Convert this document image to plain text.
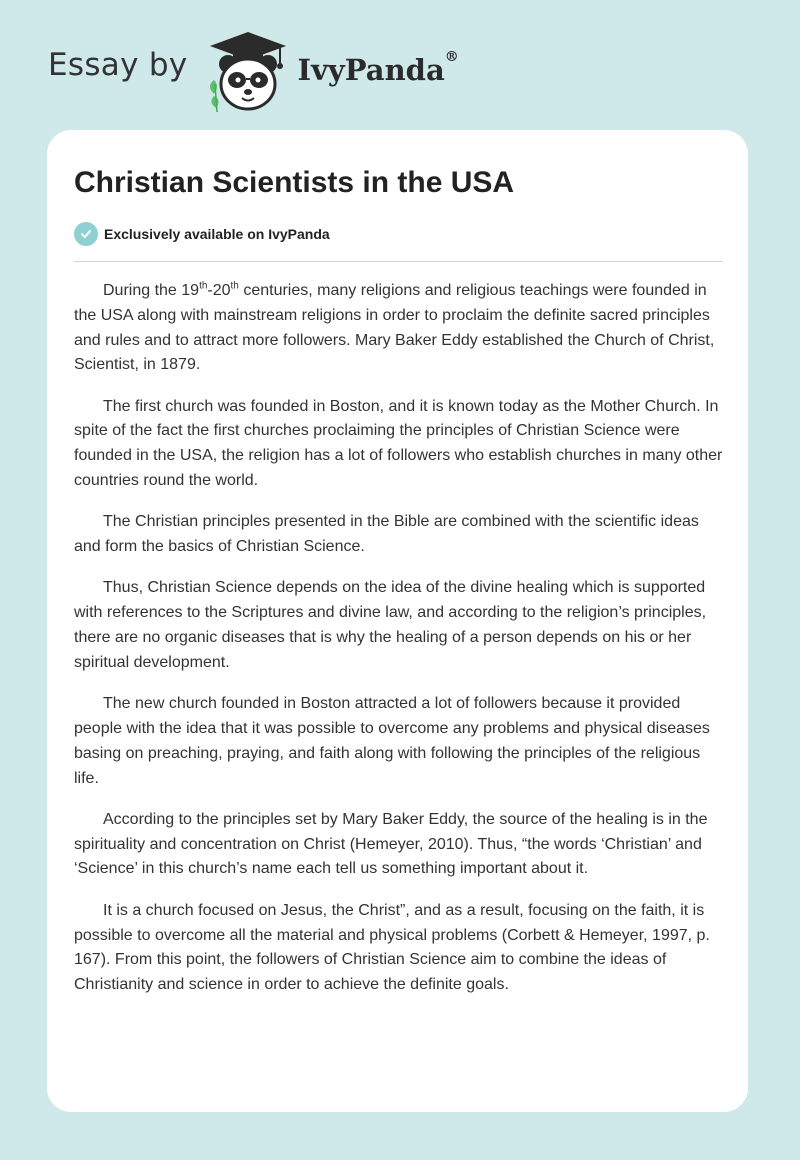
Essay by	IvyPanda®
Christian Scientists in the USA
Exclusively available on IvyPanda

During the 19th-20th centuries, many religions and religious teachings were founded in the USA along with mainstream religions in order to proclaim the definite sacred principles and rules and to attract more followers. Mary Baker Eddy established the Church of Christ, Scientist, in 1879.

The first church was founded in Boston, and it is known today as the Mother Church. In spite of the fact the first churches proclaiming the principles of Christian Science were founded in the USA, the religion has a lot of followers who establish churches in many other countries round the world.

The Christian principles presented in the Bible are combined with the scientific ideas and form the basics of Christian Science.

Thus, Christian Science depends on the idea of the divine healing which is supported with references to the Scriptures and divine law, and according to the religion’s principles, there are no organic diseases that is why the healing of a person depends on his or her spiritual development.

The new church founded in Boston attracted a lot of followers because it provided people with the idea that it was possible to overcome any problems and physical diseases basing on preaching, praying, and faith along with following the principles of the religious life.

According to the principles set by Mary Baker Eddy, the source of the healing is in the spirituality and concentration on Christ (Hemeyer, 2010). Thus, “the words ‘Christian’ and ‘Science’ in this church’s name each tell us something important about it.

It is a church focused on Jesus, the Christ”, and as a result, focusing on the faith, it is possible to overcome all the material and physical problems (Corbett & Hemeyer, 1997, p. 167). From this point, the followers of Christian Science aim to combine the ideas of Christianity and science in order to achieve the definite goals.
